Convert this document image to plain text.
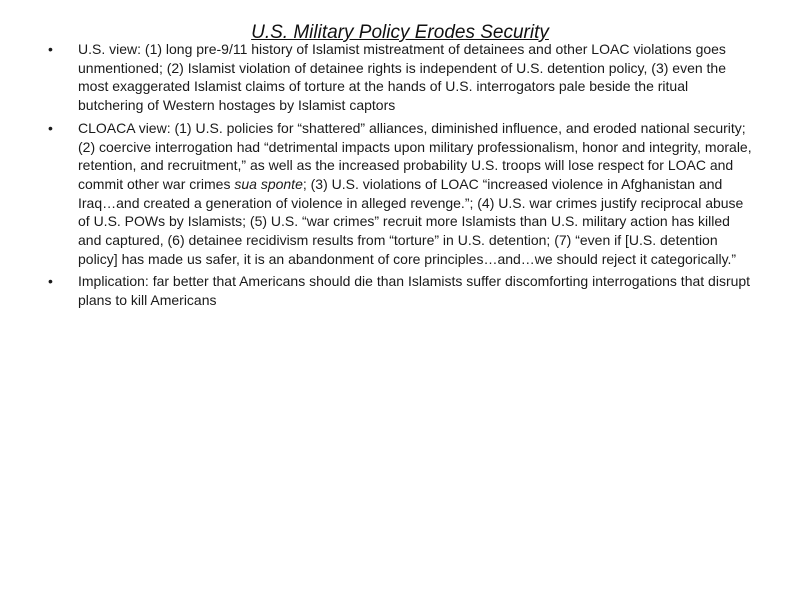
U.S. Military Policy Erodes Security
•	U.S. view: (1) long pre-9/11 history of Islamist mistreatment of detainees and other LOAC violations goes unmentioned; (2) Islamist violation of detainee rights is independent of U.S. detention policy, (3) even the most exaggerated Islamist claims of torture at the hands of U.S. interrogators pale beside the ritual butchering of Western hostages by Islamist captors
•	CLOACA view: (1) U.S. policies for “shattered” alliances, diminished influence, and eroded national security; (2) coercive interrogation had “detrimental impacts upon military professionalism, honor and integrity, morale, retention, and recruitment,” as well as the increased probability U.S. troops will lose respect for LOAC and commit other war crimes sua sponte; (3) U.S. violations of LOAC “increased violence in Afghanistan and Iraq…and created a generation of violence in alleged revenge.”; (4) U.S. war crimes justify reciprocal abuse of U.S. POWs by Islamists; (5) U.S. “war crimes” recruit more Islamists than U.S. military action has killed and captured, (6) detainee recidivism results from “torture” in U.S. detention; (7) “even if [U.S. detention policy] has made us safer, it is an abandonment of core principles…and…we should reject it categorically.”
•	Implication: far better that Americans should die than Islamists suffer discomforting interrogations that disrupt plans to kill Americans
